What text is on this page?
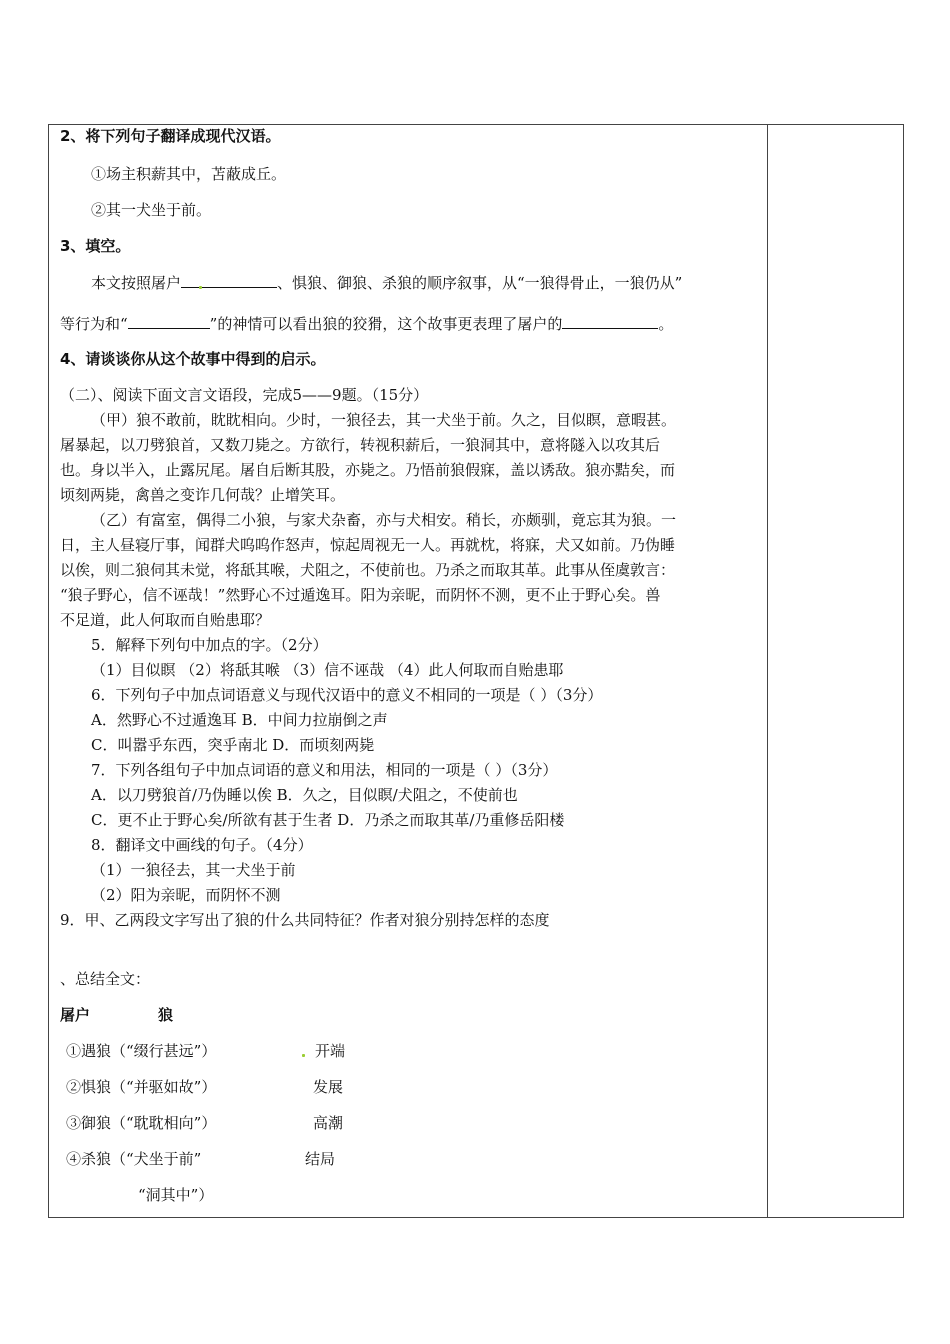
2、将下列句子翻译成现代汉语。
①场主积薪其中，苫蔽成丘。
②其一犬坐于前。
3、填空。
本文按照屠户	、惧狼、御狼、杀狼的顺序叙事，从“一狼得骨止，一狼仍从”
等行为和“	”的神情可以看出狼的狡猾，这个故事更表理了屠户的	。
4、请谈谈你从这个故事中得到的启示。
（二）、阅读下面文言文语段，完成5——9题。（15分）
（甲）狼不敢前，眈眈相向。少时，一狼径去，其一犬坐于前。久之，目似瞑，意暇甚。
屠暴起，以刀劈狼首，又数刀毙之。方欲行，转视积薪后，一狼洞其中，意将隧入以攻其后
也。身以半入，止露尻尾。屠自后断其股，亦毙之。乃悟前狼假寐，盖以诱敌。狼亦黠矣，而
顷刻两毙，禽兽之变诈几何哉？止增笑耳。
（乙）有富室，偶得二小狼，与家犬杂畜，亦与犬相安。稍长，亦颇驯，竟忘其为狼。一
日，主人昼寝厅事，闻群犬呜呜作怒声，惊起周视无一人。再就枕，将寐，犬又如前。乃伪睡
以俟，则二狼伺其未觉，将舐其喉，犬阻之，不使前也。乃杀之而取其革。此事从侄虞敦言：
“狼子野心，信不诬哉！”然野心不过遁逸耳。阳为亲昵，而阴怀不测，更不止于野心矣。兽
不足道，此人何取而自贻患耶？
5．解释下列句中加点的字。（2分）
（1）目似瞑 （2）将舐其喉 （3）信不诬哉 （4）此人何取而自贻患耶
6．下列句子中加点词语意义与现代汉语中的意义不相同的一项是（ ）（3分）
A．然野心不过遁逸耳 B．中间力拉崩倒之声
C．叫嚣乎东西，突乎南北 D．而顷刻两毙
7．下列各组句子中加点词语的意义和用法，相同的一项是（ ）（3分）
A．以刀劈狼首/乃伪睡以俟 B．久之，目似瞑/犬阻之，不使前也
C．更不止于野心矣/所欲有甚于生者 D．乃杀之而取其革/乃重修岳阳楼
8．翻译文中画线的句子。（4分）
（1）一狼径去，其一犬坐于前
（2）阳为亲昵，而阴怀不测
9．甲、乙两段文字写出了狼的什么共同特征？作者对狼分别持怎样的态度
、总结全文：
屠户	狼
①遇狼（“缀行甚远”）	开端
②惧狼（“并驱如故”）	发展
③御狼（“耽耽相向”）	高潮
④杀狼（“犬坐于前”	结局
“洞其中”）
